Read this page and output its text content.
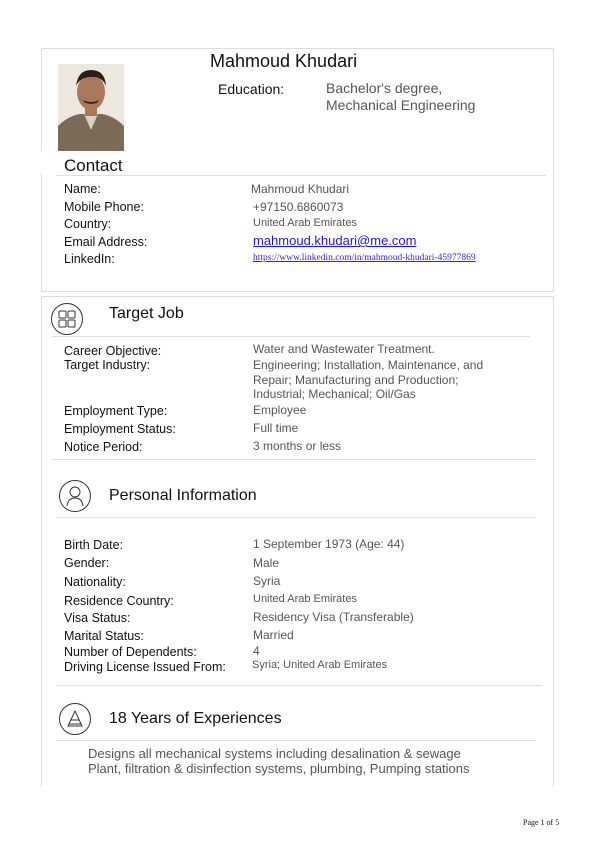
Mahmoud Khudari
Education:	Bachelor's degree,
Mechanical Engineering
Contact
Name:	Mahmoud Khudari
Mobile Phone:	+97150.6860073
Country:	United Arab Emirates
Email Address:	mahmoud.khudari@me.com
LinkedIn:	https://www.linkedin.com/in/mahmoud-khudari-45977869
Target Job
Career Objective:	Water and Wastewater Treatment.
Target Industry:	Engineering; Installation, Maintenance, and
Repair; Manufacturing and Production;
Industrial; Mechanical; Oil/Gas
Employment Type:	Employee
Employment Status:	Full time
Notice Period:	3 months or less
Personal Information
Birth Date:	1 September 1973 (Age: 44)
Gender:	Male
Nationality:	Syria
Residence Country:	United Arab Emirates
Visa Status:	Residency Visa (Transferable)
Marital Status:	Married
Number of Dependents:	4
Driving License Issued From: Syria; United Arab Emirates
18 Years of Experiences
Designs all mechanical systems including desalination & sewage
Plant, filtration & disinfection systems, plumbing, Pumping stations
Page 1 of 5
